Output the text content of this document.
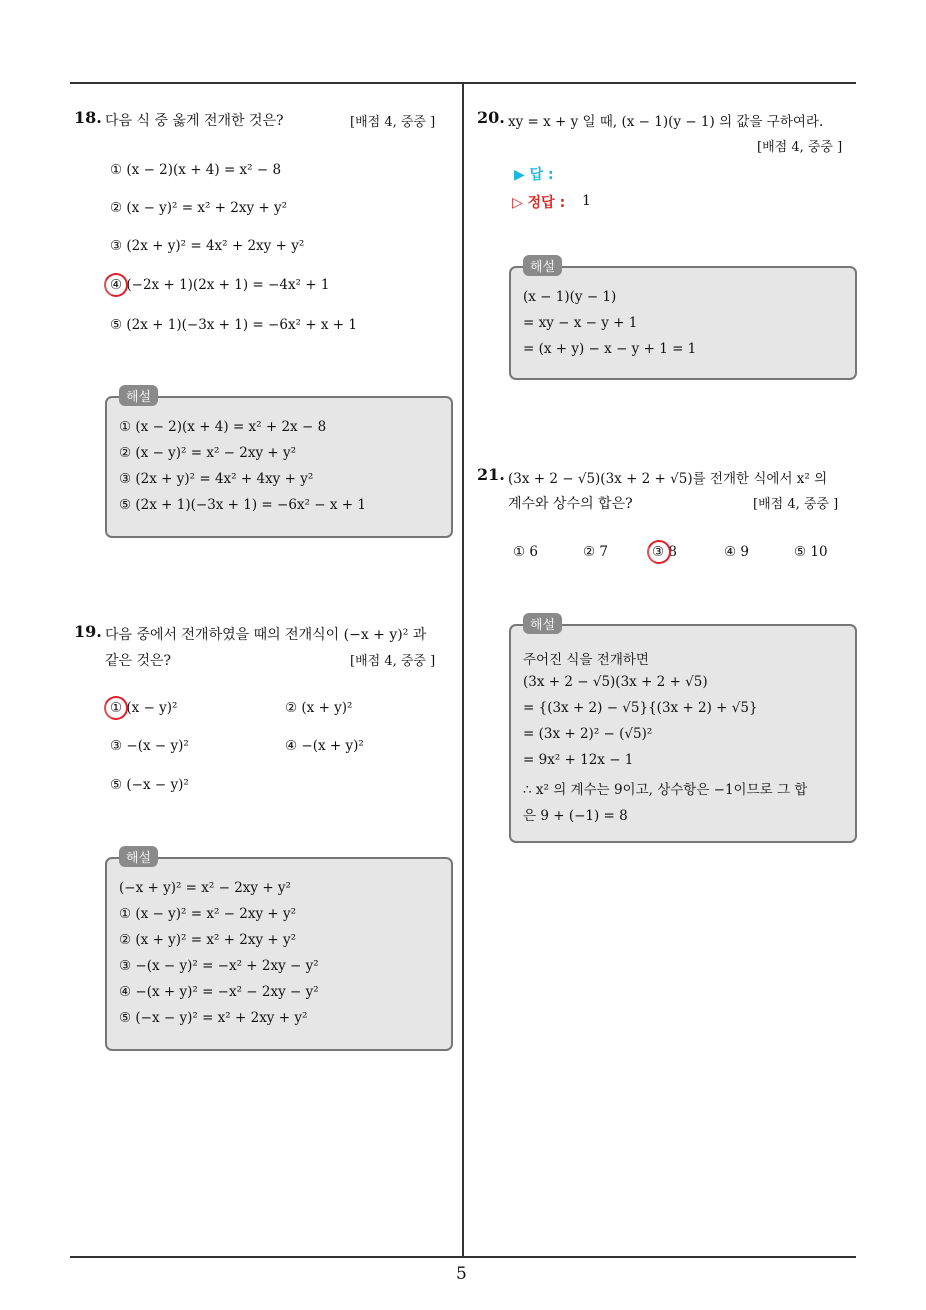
5
18. 다음 식 중 옳게 전개한 것은?	[배점 4, 중중 ]
① (x − 2)(x + 4) = x² − 8
② (x − y)² = x² + 2xy + y²
③ (2x + y)² = 4x² + 2xy + y²
④ (−2x + 1)(2x + 1) = −4x² + 1
⑤ (2x + 1)(−3x + 1) = −6x² + x + 1
해설
① (x − 2)(x + 4) = x² + 2x − 8
② (x − y)² = x² − 2xy + y²
③ (2x + y)² = 4x² + 4xy + y²
⑤ (2x + 1)(−3x + 1) = −6x² − x + 1
19. 다음 중에서 전개하였을 때의 전개식이 (−x + y)² 과
같은 것은?	[배점 4, 중중 ]
① (x − y)²	② (x + y)²
③ −(x − y)²	④ −(x + y)²
⑤ (−x − y)²
해설
(−x + y)² = x² − 2xy + y²
① (x − y)² = x² − 2xy + y²
② (x + y)² = x² + 2xy + y²
③ −(x − y)² = −x² + 2xy − y²
④ −(x + y)² = −x² − 2xy − y²
⑤ (−x − y)² = x² + 2xy + y²
20. xy = x + y 일 때, (x − 1)(y − 1) 의 값을 구하여라.
[배점 4, 중중 ]
▶ 답 :
▷ 정답 : 1
해설
(x − 1)(y − 1)
= xy − x − y + 1
= (x + y) − x − y + 1 = 1
21. (3x + 2 − √5)(3x + 2 + √5)를 전개한 식에서 x² 의
계수와 상수의 합은?	[배점 4, 중중 ]
① 6	② 7	③ 8	④ 9	⑤ 10
해설
주어진 식을 전개하면
(3x + 2 − √5)(3x + 2 + √5)
= {(3x + 2) − √5}{(3x + 2) + √5}
= (3x + 2)² − (√5)²
= 9x² + 12x − 1
∴ x² 의 계수는 9이고, 상수항은 −1이므로 그 합
은 9 + (−1) = 8
